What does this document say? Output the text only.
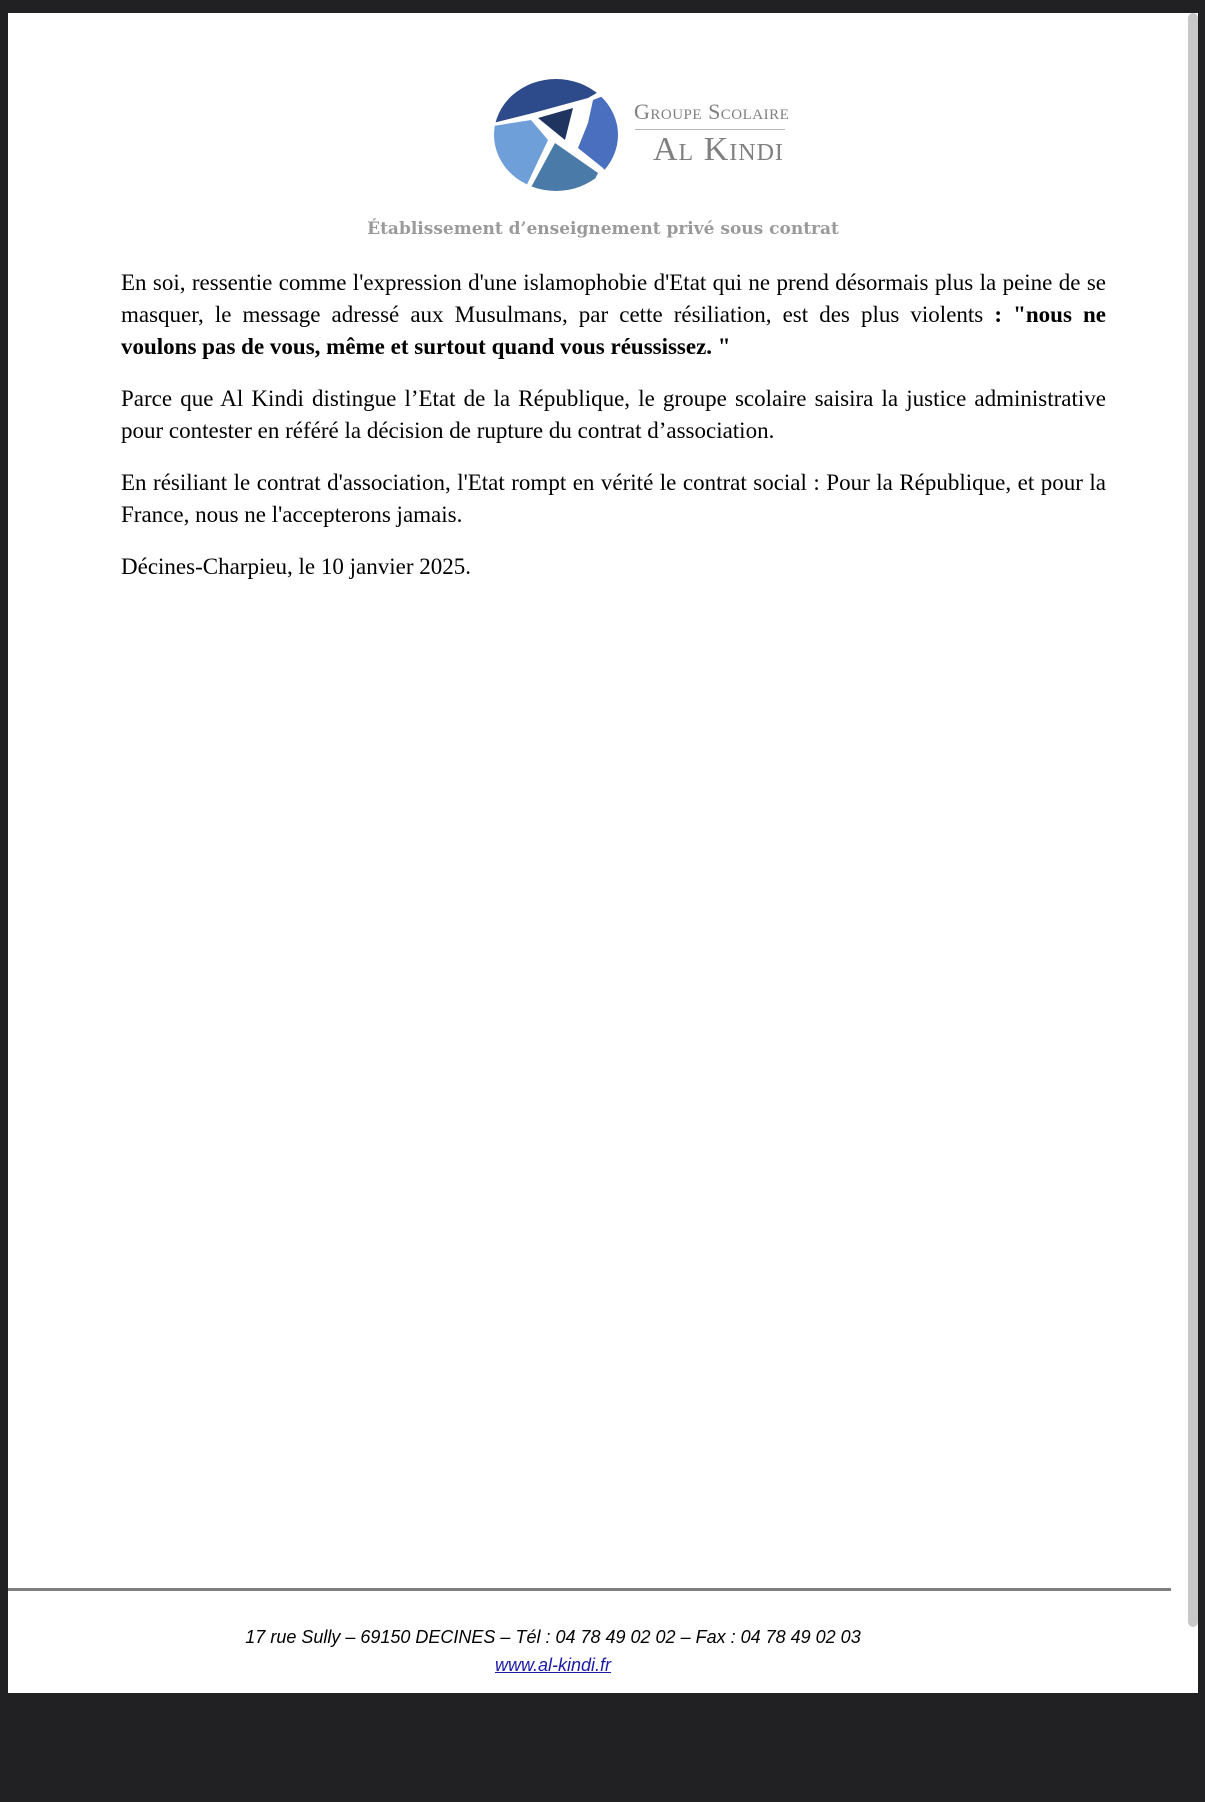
Groupe Scolaire
Al Kindi
Établissement d’enseignement privé sous contrat

En soi, ressentie comme l'expression d'une islamophobie d'Etat qui ne prend désormais plus la peine de se masquer, le message adressé aux Musulmans, par cette résiliation, est des plus violents : "nous ne voulons pas de vous, même et surtout quand vous réussissez. "

Parce que Al Kindi distingue l’Etat de la République, le groupe scolaire saisira la justice administrative pour contester en référé la décision de rupture du contrat d’association.

En résiliant le contrat d'association, l'Etat rompt en vérité le contrat social : Pour la République, et pour la France, nous ne l'accepterons jamais.

Décines-Charpieu, le 10 janvier 2025.

17 rue Sully – 69150 DECINES – Tél : 04 78 49 02 02 – Fax : 04 78 49 02 03
www.al-kindi.fr
